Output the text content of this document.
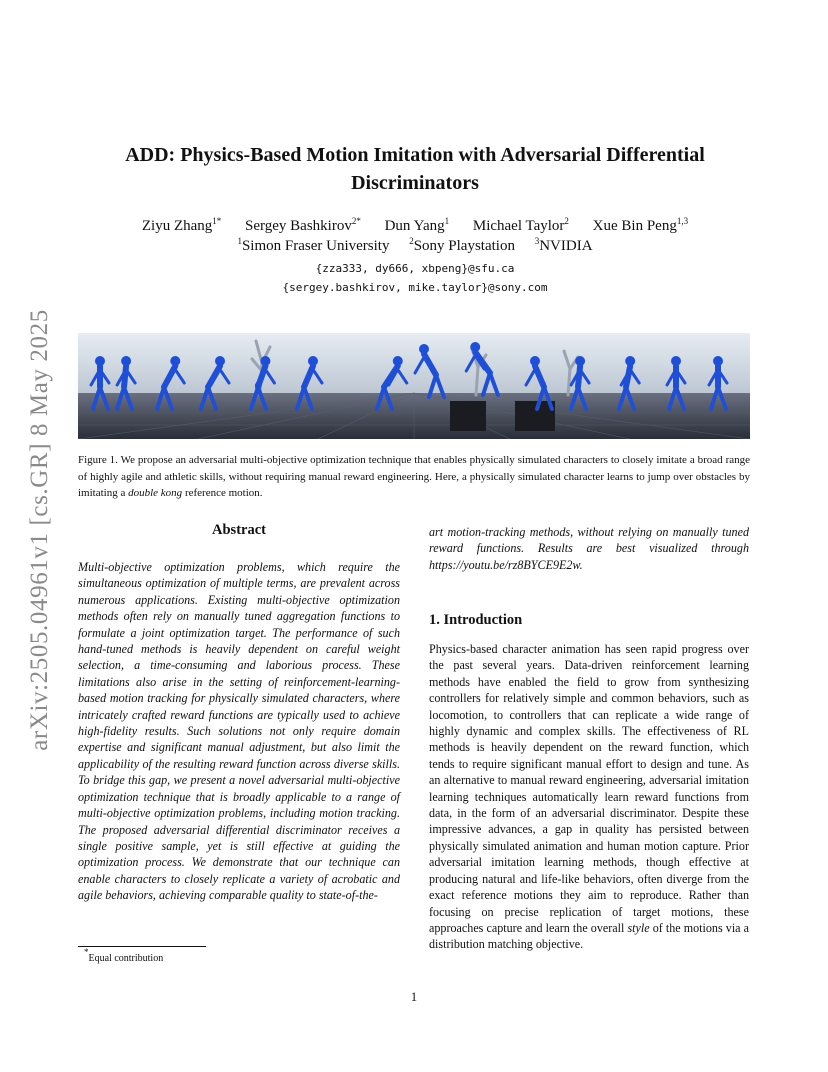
arXiv:2505.04961v1 [cs.GR] 8 May 2025
ADD: Physics-Based Motion Imitation with Adversarial Differential
Discriminators
Ziyu Zhang$^{1*}$ Sergey Bashkirov$^{2*}$ Dun Yang$^1$ Michael Taylor$^2$ Xue Bin Peng$^{1,3}$
$^1$Simon Fraser University $^2$Sony Playstation $^3$NVIDIA
{zza333, dy666, xbpeng}@sfu.ca
{sergey.bashkirov, mike.taylor}@sony.com
Figure 1. We propose an adversarial multi-objective optimization technique that enables physically simulated characters to closely imitate a broad range of highly agile and athletic skills, without requiring manual reward engineering. Here, a physically simulated character learns to jump over obstacles by imitating a double kong reference motion.
Abstract
Multi-objective optimization problems, which require the simultaneous optimization of multiple terms, are prevalent across numerous applications. Existing multi-objective optimization methods often rely on manually tuned aggregation functions to formulate a joint optimization target. The performance of such hand-tuned methods is heavily dependent on careful weight selection, a time-consuming and laborious process. These limitations also arise in the setting of reinforcement-learning-based motion tracking for physically simulated characters, where intricately crafted reward functions are typically used to achieve high-fidelity results. Such solutions not only require domain expertise and significant manual adjustment, but also limit the applicability of the resulting reward function across diverse skills. To bridge this gap, we present a novel adversarial multi-objective optimization technique that is broadly applicable to a range of multi-objective optimization problems, including motion tracking. The proposed adversarial differential discriminator receives a single positive sample, yet is still effective at guiding the optimization process. We demonstrate that our technique can enable characters to closely replicate a variety of acrobatic and agile behaviors, achieving comparable quality to state-of-the-
art motion-tracking methods, without relying on manually tuned reward functions. Results are best visualized through https://youtu.be/rz8BYCE9E2w.
1. Introduction
Physics-based character animation has seen rapid progress over the past several years. Data-driven reinforcement learning methods have enabled the field to grow from synthesizing controllers for relatively simple and common behaviors, such as locomotion, to controllers that can replicate a wide range of highly dynamic and complex skills. The effectiveness of RL methods is heavily dependent on the reward function, which tends to require significant manual effort to design and tune. As an alternative to manual reward engineering, adversarial imitation learning techniques automatically learn reward functions from data, in the form of an adversarial discriminator. Despite these impressive advances, a gap in quality has persisted between physically simulated animation and human motion capture. Prior adversarial imitation learning methods, though effective at producing natural and life-like behaviors, often diverge from the exact reference motions they aim to reproduce. Rather than focusing on precise replication of target motions, these approaches capture and learn the overall style of the motions via a distribution matching objective.
*Equal contribution
1
